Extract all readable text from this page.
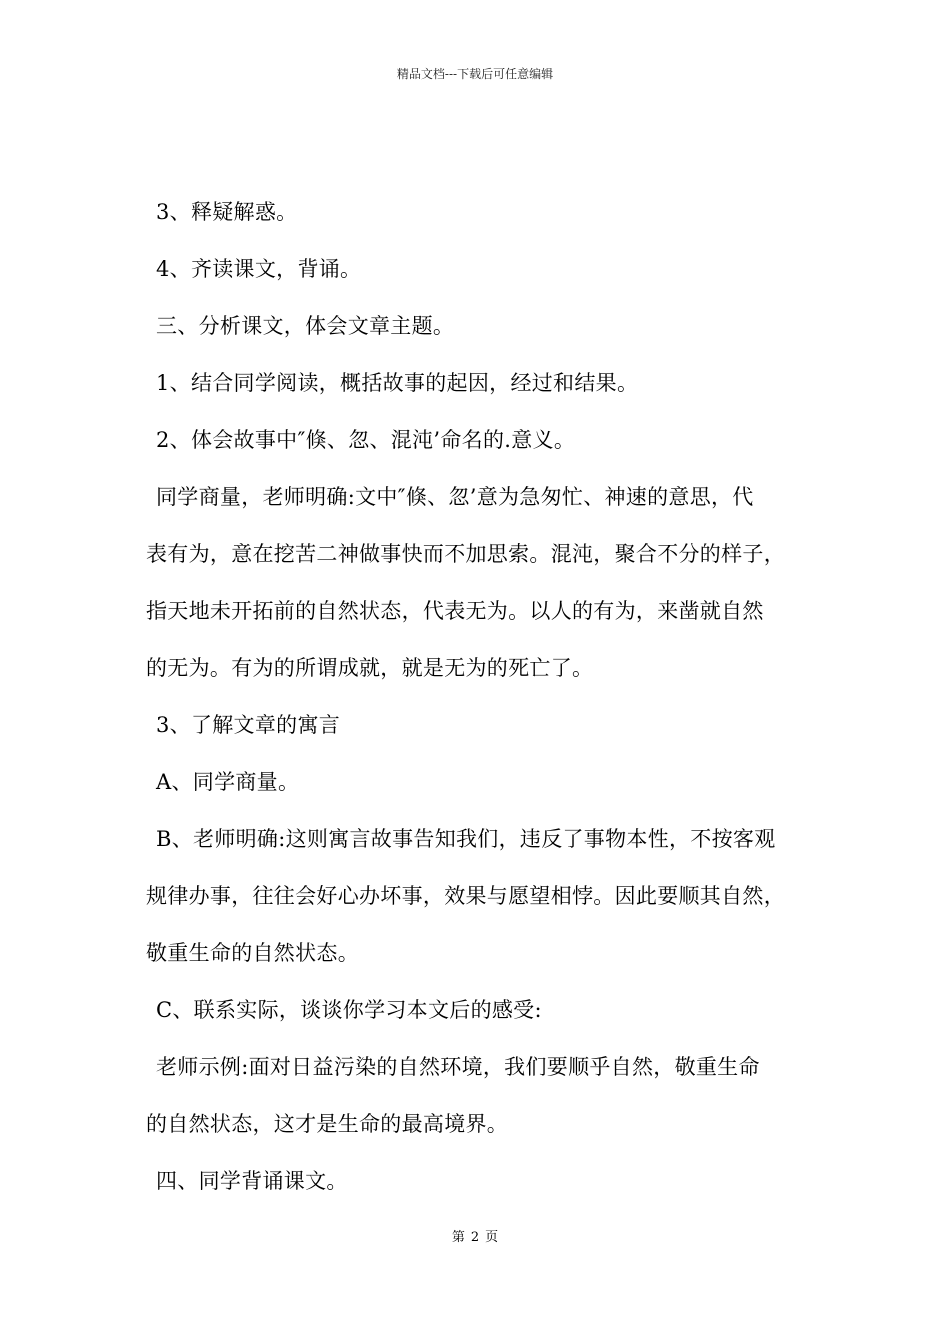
精品文档---下载后可任意编辑
3、释疑解惑。
4、齐读课文，背诵。
三、分析课文，体会文章主题。
1、结合同学阅读，概括故事的起因，经过和结果。
2、体会故事中″倏、忽、混沌’命名的.意义。
同学商量，老师明确:文中″倏、忽’意为急匆忙、神速的意思，代
表有为，意在挖苦二神做事快而不加思索。混沌，聚合不分的样子，
指天地未开拓前的自然状态，代表无为。以人的有为，来凿就自然
的无为。有为的所谓成就，就是无为的死亡了。
3、了解文章的寓言
A、同学商量。
B、老师明确:这则寓言故事告知我们，违反了事物本性，不按客观
规律办事，往往会好心办坏事，效果与愿望相悖。因此要顺其自然，
敬重生命的自然状态。
C、联系实际，谈谈你学习本文后的感受:
老师示例:面对日益污染的自然环境，我们要顺乎自然，敬重生命
的自然状态，这才是生命的最高境界。
四、同学背诵课文。
第 2 页
